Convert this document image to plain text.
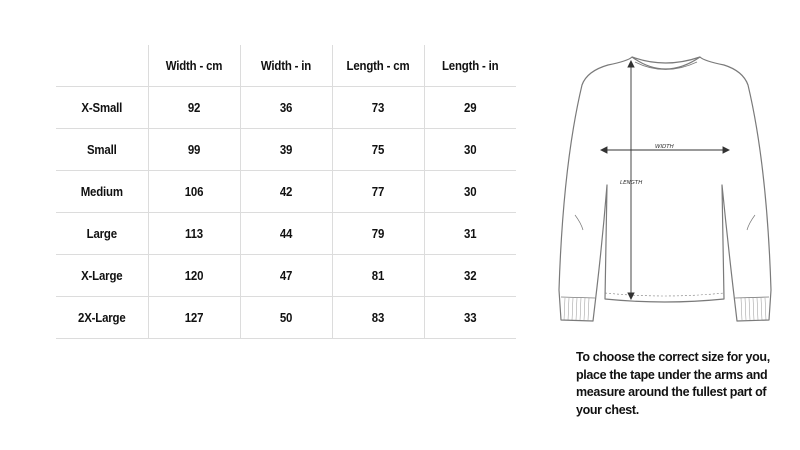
	Width - cm	Width - in	Length - cm	Length - in
X-Small	92	36	73	29
Small	99	39	75	30
Medium	106	42	77	30
Large	113	44	79	31
X-Large	120	47	81	32
2X-Large	127	50	83	33
WIDTH
LENGTH
To choose the correct size for you,
place the tape under the arms and
measure around the fullest part of
your chest.
